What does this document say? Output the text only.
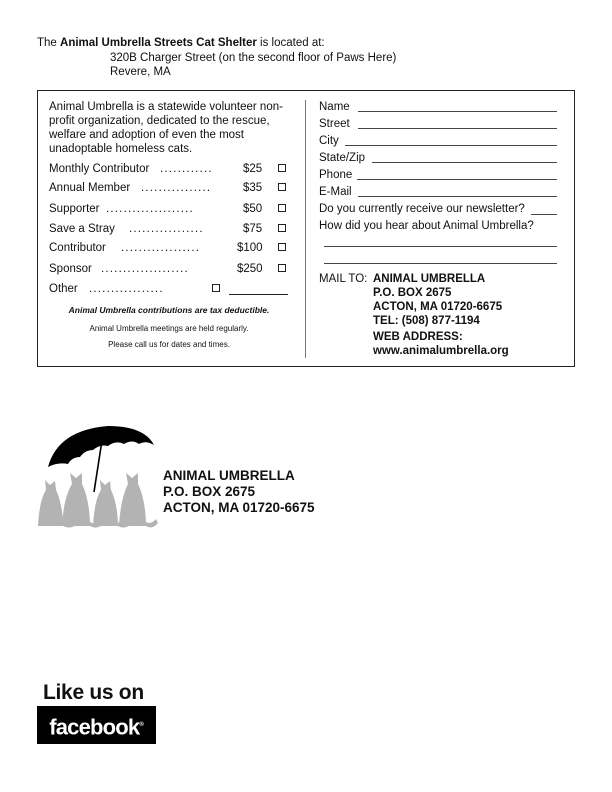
The Animal Umbrella Streets Cat Shelter is located at:
320B Charger Street (on the second floor of Paws Here)
Revere, MA
Animal Umbrella is a statewide volunteer non-profit organization, dedicated to the rescue, welfare and adoption of even the most unadoptable homeless cats.
Monthly Contributor ............	$25
Annual Member ................	$35
Supporter ....................	$50
Save a Stray .................	$75
Contributor ..................	$100
Sponsor ....................	$250
Other .................
Animal Umbrella contributions are tax deductible.
Animal Umbrella meetings are held regularly.
Please call us for dates and times.
Name
Street
City
State/Zip
Phone
E-Mail
Do you currently receive our newsletter?
How did you hear about Animal Umbrella?
MAIL TO: ANIMAL UMBRELLA
P.O. BOX 2675
ACTON, MA 01720-6675
TEL: (508) 877-1194
WEB ADDRESS:
www.animalumbrella.org
ANIMAL UMBRELLA
P.O. BOX 2675
ACTON, MA 01720-6675
Like us on
facebook®
